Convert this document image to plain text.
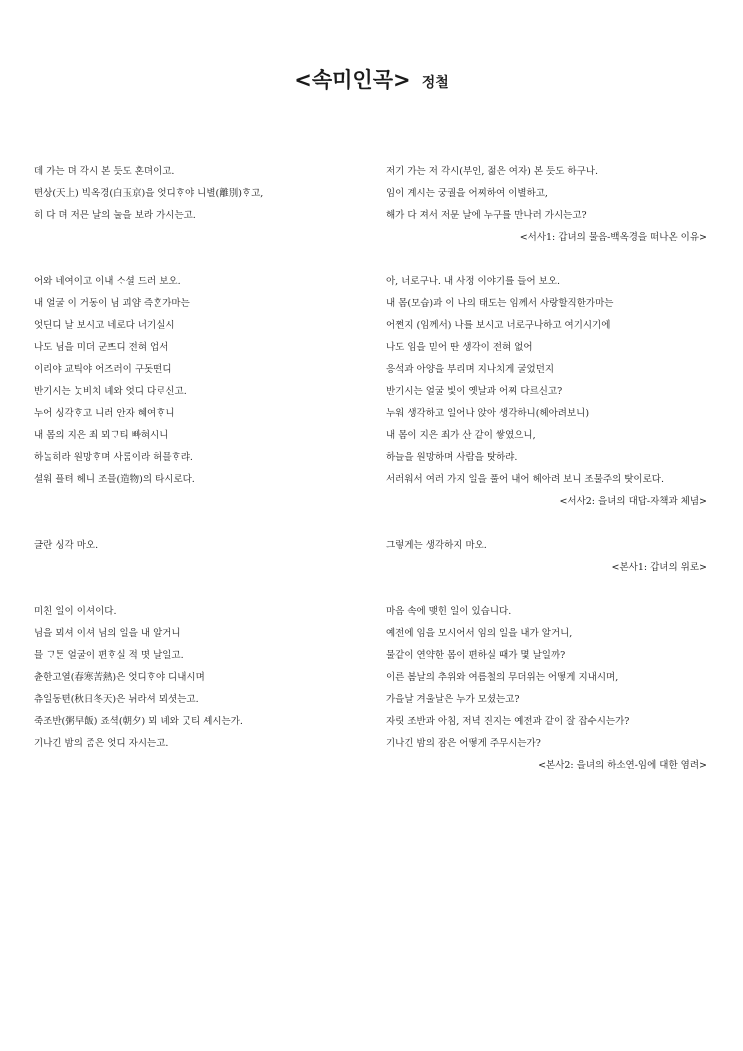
<속미인곡> 정철
데 가는 뎌 각시 본 듯도 혼뎌이고.
텬상(天上) 빅옥경(白玉京)을 엇디ᄒᆞ야 니별(離別)ᄒᆞ고,
히 다 뎌 저믄 날의 눌을 보라 가시는고.
저기 가는 저 각시(부인, 젊은 여자) 본 듯도 하구나.
임이 계시는 궁궐을 어찌하여 이별하고,
해가 다 져서 저문 날에 누구를 만나러 가시는고?
<서사1: 갑녀의 물음-백옥경을 떠나온 이유>
어와 네여이고 이내 ᄉᆞ셜 드러 보오.
내 얼굴 이 거동이 님 괴얌 즉ᄒᆞᆫ가마는
엇딘디 날 보시고 네로다 너기실시
나도 님을 미더 군ᄠᅳ디 전혀 업서
이리야 교틱야 어즈러이 구돗떤디
반기시는 ᄂᆞᆺ비치 녜와 엇디 다ᄅᆞ신고.
누어 싱각ᄒᆞ고 니러 안자 혜여ᄒᆞ니
내 몸의 지은 죄 뫼ᄀᆞ티 빠혀시니
하ᄂᆞᆯ히라 원망ᄒᆞ며 사ᄅᆞᆷ이라 허믈ᄒᆞ랴.
셜워 플텨 헤니 조믈(造物)의 타시로다.
아, 너로구나. 내 사정 이야기를 들어 보오.
내 몸(모습)과 이 나의 태도는 임께서 사랑할직한가마는
어쩐지 (임께서) 나를 보시고 너로구나하고 여기시기에
나도 임을 믿어 딴 생각이 전혀 없어
응석과 아양을 부리며 지나치게 굴었던지
반기시는 얼굴 빛이 옛날과 어찌 다르신고?
누워 생각하고 일어나 앉아 생각하니(헤아려보니)
내 몸이 지은 죄가 산 같이 쌓였으니,
하늘을 원망하며 사람을 탓하랴.
서러워서 여러 가지 일을 풀어 내어 헤아려 보니 조물주의 탓이로다.
<서사2: 을녀의 대답-자책과 체념>
글란 싱각 마오.	그렇게는 생각하지 마오.
<본사1: 갑녀의 위로>
미친 일이 이셔이다.
님을 뫼셔 이셔 님의 일을 내 알거니
믈 ᄀᆞᄐᆞᆫ 얼굴이 편ᄒᆞ실 적 몃 날일고.
츈한고열(春寒苦熱)은 엇디ᄒᆞ야 디내시며
츄일동텬(秋日冬天)은 뉘라셔 뫼셧는고.
죽조반(粥早飯) 죠셕(朝夕) 뫼 녜와 ᄀᆞᆺ티 셰시는가.
기나긴 밤의 ᄌᆞᆷ은 엇디 자시는고.
마음 속에 맺힌 일이 있습니다.
예전에 임을 모시어서 임의 일을 내가 알거니,
물같이 연약한 몸이 편하실 때가 몇 날일까?
이른 봄날의 추위와 여름철의 무더위는 어떻게 지내시며,
가을날 겨울날은 누가 모셨는고?
자릿 조반과 아침, 저녁 진지는 예전과 같이 잘 잡수시는가?
기나긴 밤의 잠은 어떻게 주무시는가?
<본사2: 을녀의 하소연-임에 대한 염려>
